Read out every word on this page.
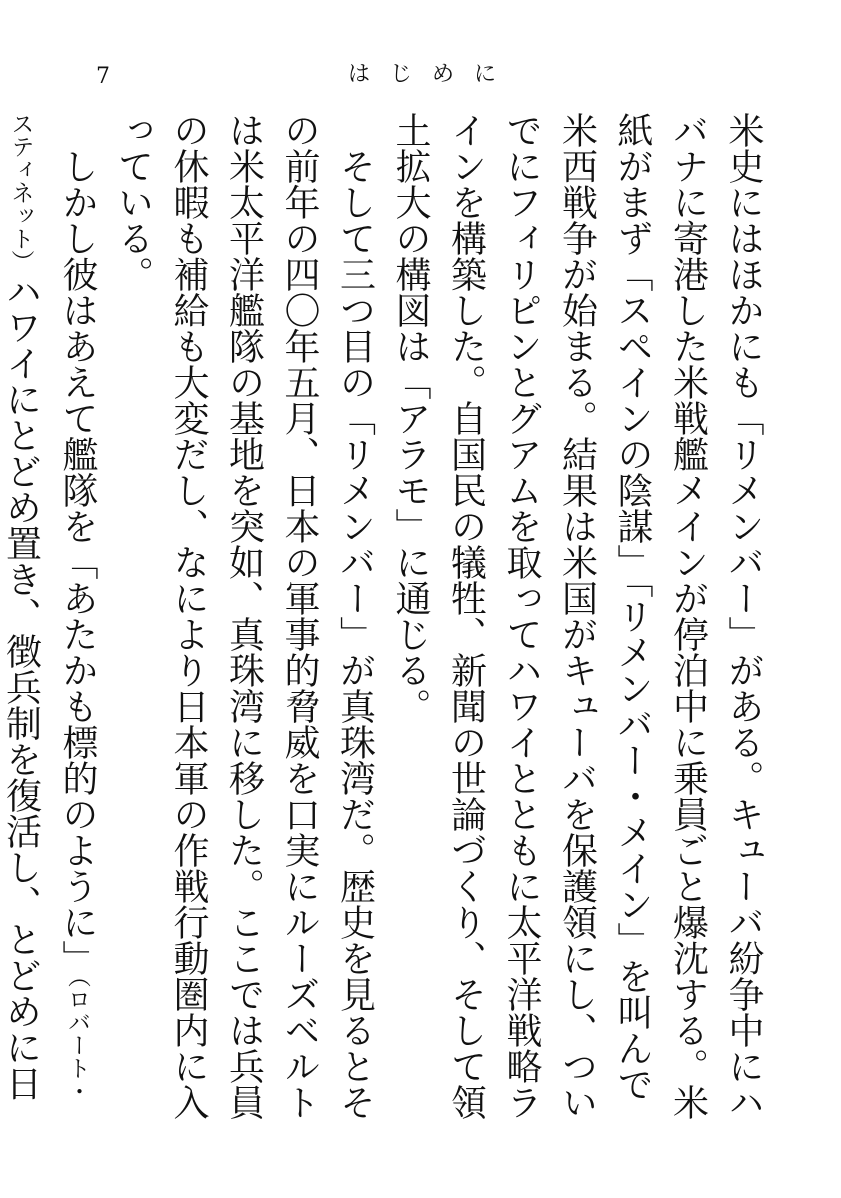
7	はじめに

米史にはほかにも「リメンバー」がある。キューバ紛争中にハバナに寄港した米戦艦メインが停泊中に乗員ごと爆沈する。米紙がまず「スペインの陰謀」「リメンバー・メイン」を叫んで米西戦争が始まる。結果は米国がキューバを保護領にし、ついでにフィリピンとグアムを取ってハワイとともに太平洋戦略ラインを構築した。自国民の犠牲、新聞の世論づくり、そして領土拡大の構図は「アラモ」に通じる。

そして三つ目の「リメンバー」が真珠湾だ。歴史を見るとその前年の四〇年五月、日本の軍事的脅威を口実にルーズベルトは米太平洋艦隊の基地を突如、真珠湾に移した。ここでは兵員の休暇も補給も大変だし、なにより日本軍の作戦行動圏内に入っている。

しかし彼はあえて艦隊を「あたかも標的のように」（ロバート・スティネット）ハワイにとどめ置き、徴兵制を復活し、とどめに日
